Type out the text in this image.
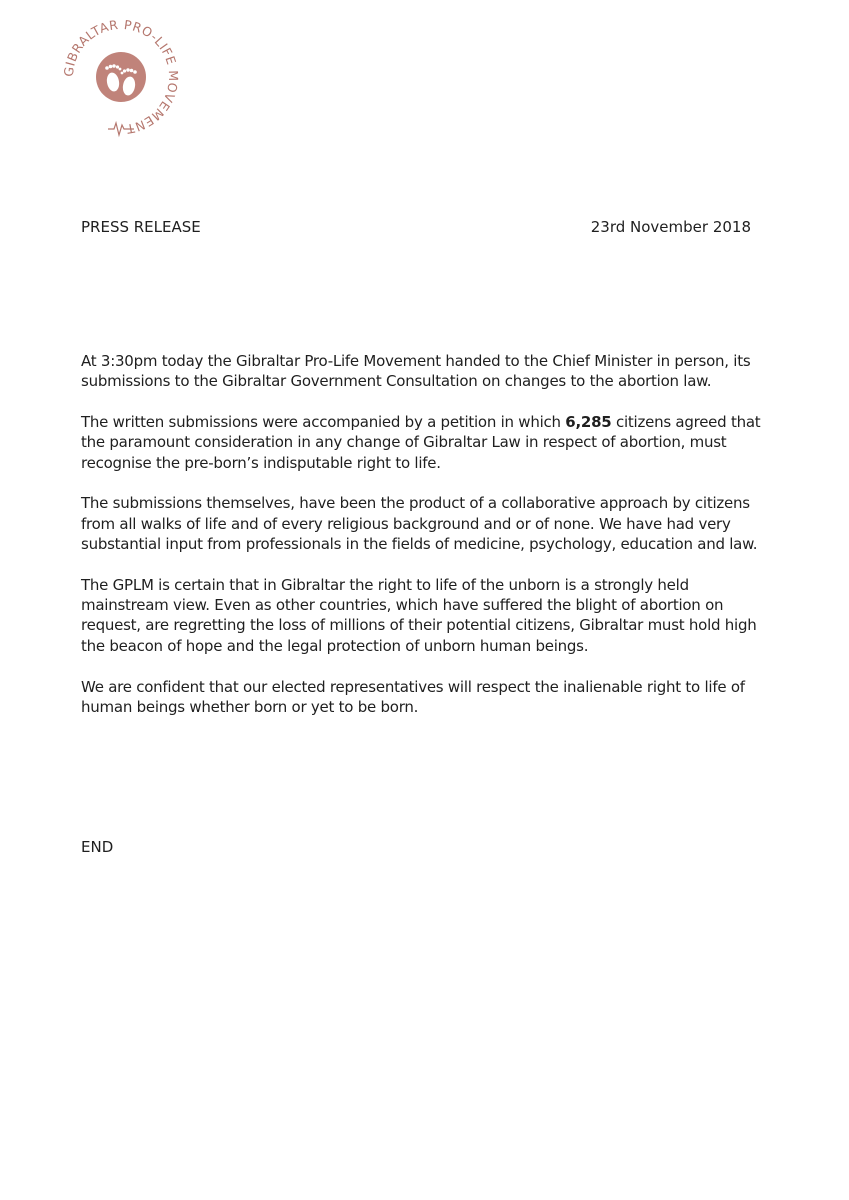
GIBRALTAR PRO-LIFE MOVEMENT
PRESS RELEASE	23rd November 2018

At 3:30pm today the Gibraltar Pro-Life Movement handed to the Chief Minister in person, its submissions to the Gibraltar Government Consultation on changes to the abortion law.

The written submissions were accompanied by a petition in which 6,285 citizens agreed that the paramount consideration in any change of Gibraltar Law in respect of abortion, must recognise the pre-born’s indisputable right to life.

The submissions themselves, have been the product of a collaborative approach by citizens from all walks of life and of every religious background and or of none. We have had very substantial input from professionals in the fields of medicine, psychology, education and law.

The GPLM is certain that in Gibraltar the right to life of the unborn is a strongly held mainstream view. Even as other countries, which have suffered the blight of abortion on request, are regretting the loss of millions of their potential citizens, Gibraltar must hold high the beacon of hope and the legal protection of unborn human beings.

We are confident that our elected representatives will respect the inalienable right to life of human beings whether born or yet to be born.

END
